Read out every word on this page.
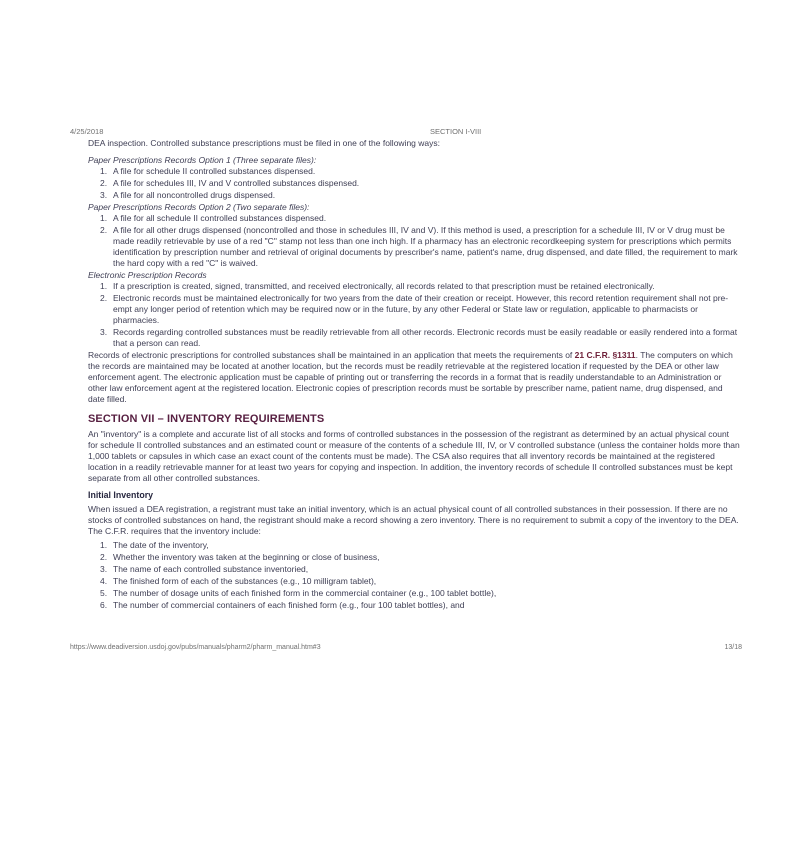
4/25/2018	SECTION I-VIII

DEA inspection. Controlled substance prescriptions must be filed in one of the following ways:

Paper Prescriptions Records Option 1 (Three separate files):

1. A file for schedule II controlled substances dispensed.
2. A file for schedules III, IV and V controlled substances dispensed.
3. A file for all noncontrolled drugs dispensed.

Paper Prescriptions Records Option 2 (Two separate files):

1. A file for all schedule II controlled substances dispensed.
2. A file for all other drugs dispensed (noncontrolled and those in schedules III, IV and V). If this method is used, a prescription for a schedule III, IV or V drug must be made readily retrievable by use of a red "C" stamp not less than one inch high. If a pharmacy has an electronic recordkeeping system for prescriptions which permits identification by prescription number and retrieval of original documents by prescriber's name, patient's name, drug dispensed, and date filled, the requirement to mark the hard copy with a red "C" is waived.

Electronic Prescription Records

1. If a prescription is created, signed, transmitted, and received electronically, all records related to that prescription must be retained electronically.
2. Electronic records must be maintained electronically for two years from the date of their creation or receipt. However, this record retention requirement shall not pre-empt any longer period of retention which may be required now or in the future, by any other Federal or State law or regulation, applicable to pharmacists or pharmacies.
3. Records regarding controlled substances must be readily retrievable from all other records. Electronic records must be easily readable or easily rendered into a format that a person can read.

Records of electronic prescriptions for controlled substances shall be maintained in an application that meets the requirements of 21 C.F.R. §1311. The computers on which the records are maintained may be located at another location, but the records must be readily retrievable at the registered location if requested by the DEA or other law enforcement agent. The electronic application must be capable of printing out or transferring the records in a format that is readily understandable to an Administration or other law enforcement agent at the registered location. Electronic copies of prescription records must be sortable by prescriber name, patient name, drug dispensed, and date filled.

SECTION VII – INVENTORY REQUIREMENTS

An "inventory" is a complete and accurate list of all stocks and forms of controlled substances in the possession of the registrant as determined by an actual physical count for schedule II controlled substances and an estimated count or measure of the contents of a schedule III, IV, or V controlled substance (unless the container holds more than 1,000 tablets or capsules in which case an exact count of the contents must be made). The CSA also requires that all inventory records be maintained at the registered location in a readily retrievable manner for at least two years for copying and inspection. In addition, the inventory records of schedule II controlled substances must be kept separate from all other controlled substances.

Initial Inventory

When issued a DEA registration, a registrant must take an initial inventory, which is an actual physical count of all controlled substances in their possession. If there are no stocks of controlled substances on hand, the registrant should make a record showing a zero inventory. There is no requirement to submit a copy of the inventory to the DEA. The C.F.R. requires that the inventory include:

1. The date of the inventory,
2. Whether the inventory was taken at the beginning or close of business,
3. The name of each controlled substance inventoried,
4. The finished form of each of the substances (e.g., 10 milligram tablet),
5. The number of dosage units of each finished form in the commercial container (e.g., 100 tablet bottle),
6. The number of commercial containers of each finished form (e.g., four 100 tablet bottles), and
https://www.deadiversion.usdoj.gov/pubs/manuals/pharm2/pharm_manual.htm#3	13/18
